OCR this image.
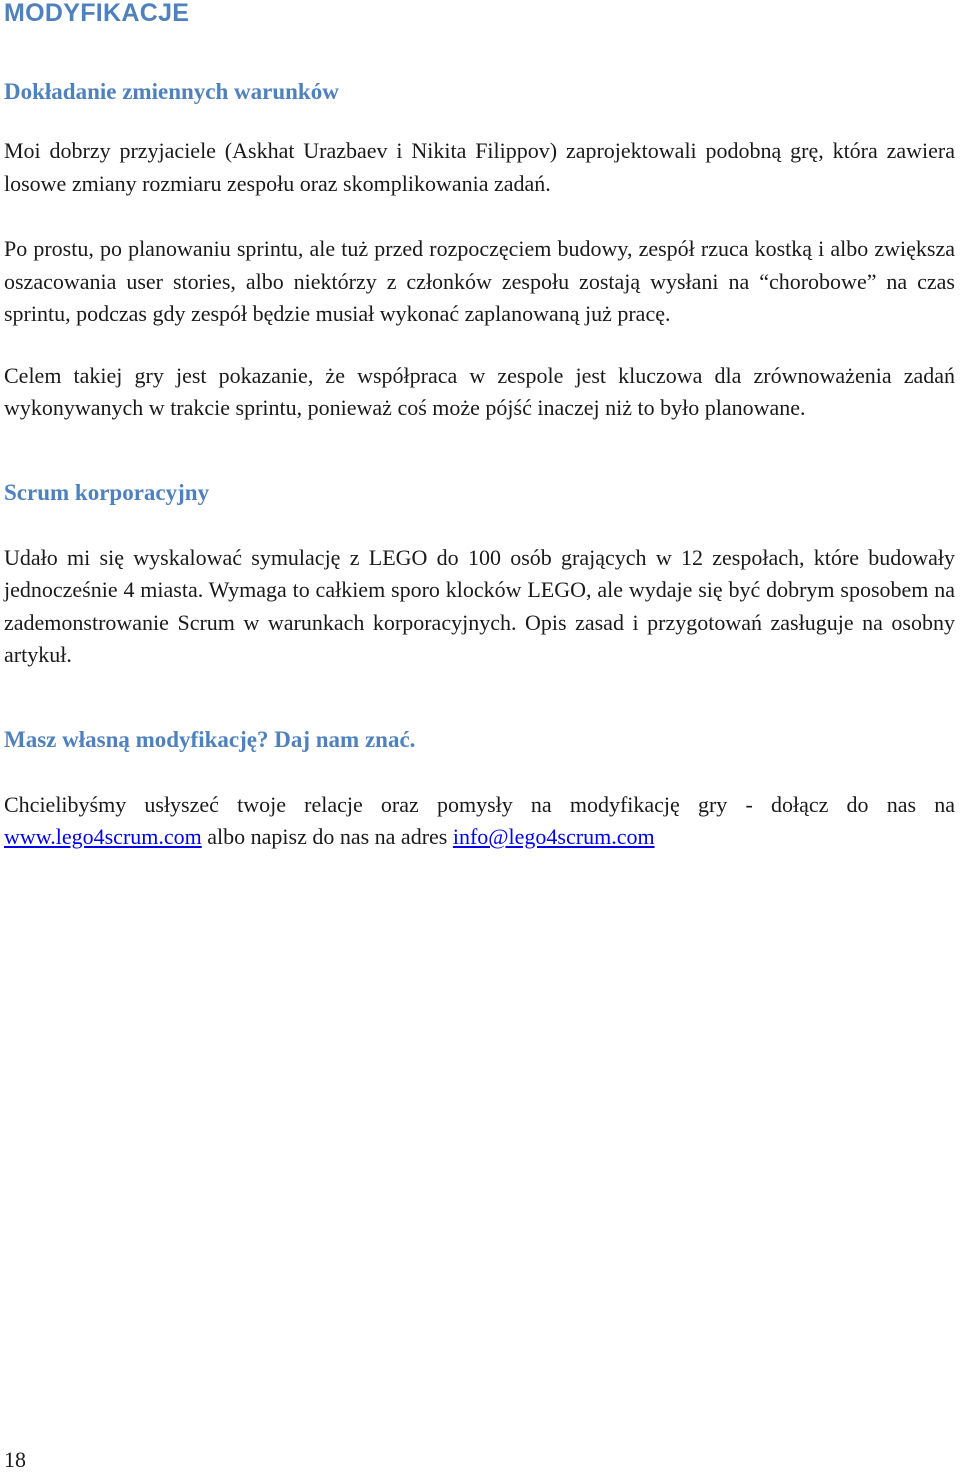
MODYFIKACJE
Dokładanie zmiennych warunków

Moi dobrzy przyjaciele (Askhat Urazbaev i Nikita Filippov) zaprojektowali podobną grę, która zawiera losowe zmiany rozmiaru zespołu oraz skomplikowania zadań.

Po prostu, po planowaniu sprintu, ale tuż przed rozpoczęciem budowy, zespół rzuca kostką i albo zwiększa oszacowania user stories, albo niektórzy z członków zespołu zostają wysłani na “chorobowe” na czas sprintu, podczas gdy zespół będzie musiał wykonać zaplanowaną już pracę.

Celem takiej gry jest pokazanie, że współpraca w zespole jest kluczowa dla zrównoważenia zadań wykonywanych w trakcie sprintu, ponieważ coś może pójść inaczej niż to było planowane.

Scrum korporacyjny

Udało mi się wyskalować symulację z LEGO do 100 osób grających w 12 zespołach, które budowały jednocześnie 4 miasta. Wymaga to całkiem sporo klocków LEGO, ale wydaje się być dobrym sposobem na zademonstrowanie Scrum w warunkach korporacyjnych. Opis zasad i przygotowań zasługuje na osobny artykuł.

Masz własną modyfikację? Daj nam znać.

Chcielibyśmy usłyszeć twoje relacje oraz pomysły na modyfikację gry - dołącz do nas na www.lego4scrum.com albo napisz do nas na adres info@lego4scrum.com

18
